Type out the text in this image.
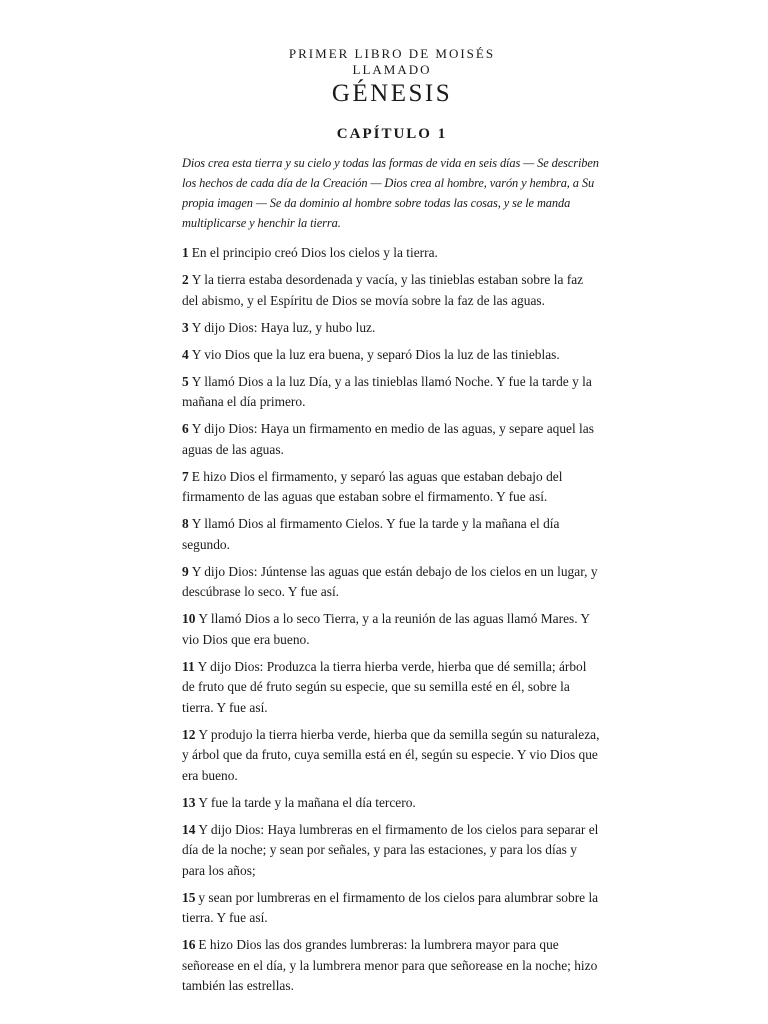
PRIMER LIBRO DE MOISÉS
LLAMADO
GÉNESIS
CAPÍTULO 1
Dios crea esta tierra y su cielo y todas las formas de vida en seis días — Se describen los hechos de cada día de la Creación — Dios crea al hombre, varón y hembra, a Su propia imagen — Se da dominio al hombre sobre todas las cosas, y se le manda multiplicarse y henchir la tierra.

1 En el principio creó Dios los cielos y la tierra.

2 Y la tierra estaba desordenada y vacía, y las tinieblas estaban sobre la faz del abismo, y el Espíritu de Dios se movía sobre la faz de las aguas.

3 Y dijo Dios: Haya luz, y hubo luz.

4 Y vio Dios que la luz era buena, y separó Dios la luz de las tinieblas.

5 Y llamó Dios a la luz Día, y a las tinieblas llamó Noche. Y fue la tarde y la mañana el día primero.

6 Y dijo Dios: Haya un firmamento en medio de las aguas, y separe aquel las aguas de las aguas.

7 E hizo Dios el firmamento, y separó las aguas que estaban debajo del firmamento de las aguas que estaban sobre el firmamento. Y fue así.

8 Y llamó Dios al firmamento Cielos. Y fue la tarde y la mañana el día segundo.

9 Y dijo Dios: Júntense las aguas que están debajo de los cielos en un lugar, y descúbrase lo seco. Y fue así.

10 Y llamó Dios a lo seco Tierra, y a la reunión de las aguas llamó Mares. Y vio Dios que era bueno.

11 Y dijo Dios: Produzca la tierra hierba verde, hierba que dé semilla; árbol de fruto que dé fruto según su especie, que su semilla esté en él, sobre la tierra. Y fue así.

12 Y produjo la tierra hierba verde, hierba que da semilla según su naturaleza, y árbol que da fruto, cuya semilla está en él, según su especie. Y vio Dios que era bueno.

13 Y fue la tarde y la mañana el día tercero.

14 Y dijo Dios: Haya lumbreras en el firmamento de los cielos para separar el día de la noche; y sean por señales, y para las estaciones, y para los días y para los años;

15 y sean por lumbreras en el firmamento de los cielos para alumbrar sobre la tierra. Y fue así.

16 E hizo Dios las dos grandes lumbreras: la lumbrera mayor para que señorease en el día, y la lumbrera menor para que señorease en la noche; hizo también las estrellas.
